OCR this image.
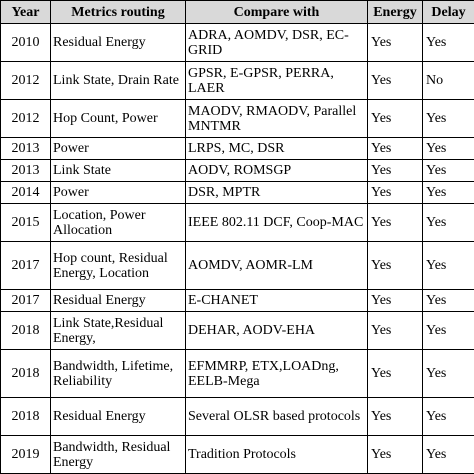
Year	Metrics routing	Compare with	Energy	Delay
2010	Residual Energy	ADRA, AOMDV, DSR, EC-GRID	Yes	Yes
2012	Link State, Drain Rate	GPSR, E-GPSR, PERRA, LAER	Yes	No
2012	Hop Count, Power	MAODV, RMAODV, Parallel MNTMR	Yes	Yes
2013	Power	LRPS, MC, DSR	Yes	Yes
2013	Link State	AODV, ROMSGP	Yes	Yes
2014	Power	DSR, MPTR	Yes	Yes
2015	Location, Power Allocation	IEEE 802.11 DCF, Coop-MAC	Yes	Yes
2017	Hop count, Residual Energy, Location	AOMDV, AOMR-LM	Yes	Yes
2017	Residual Energy	E-CHANET	Yes	Yes
2018	Link State,Residual Energy,	DEHAR, AODV-EHA	Yes	Yes
2018	Bandwidth, Lifetime, Reliability	EFMMRP, ETX,LOADng, EELB-Mega	Yes	Yes
2018	Residual Energy	Several OLSR based protocols	Yes	Yes
2019	Bandwidth, Residual Energy	Tradition Protocols	Yes	Yes
